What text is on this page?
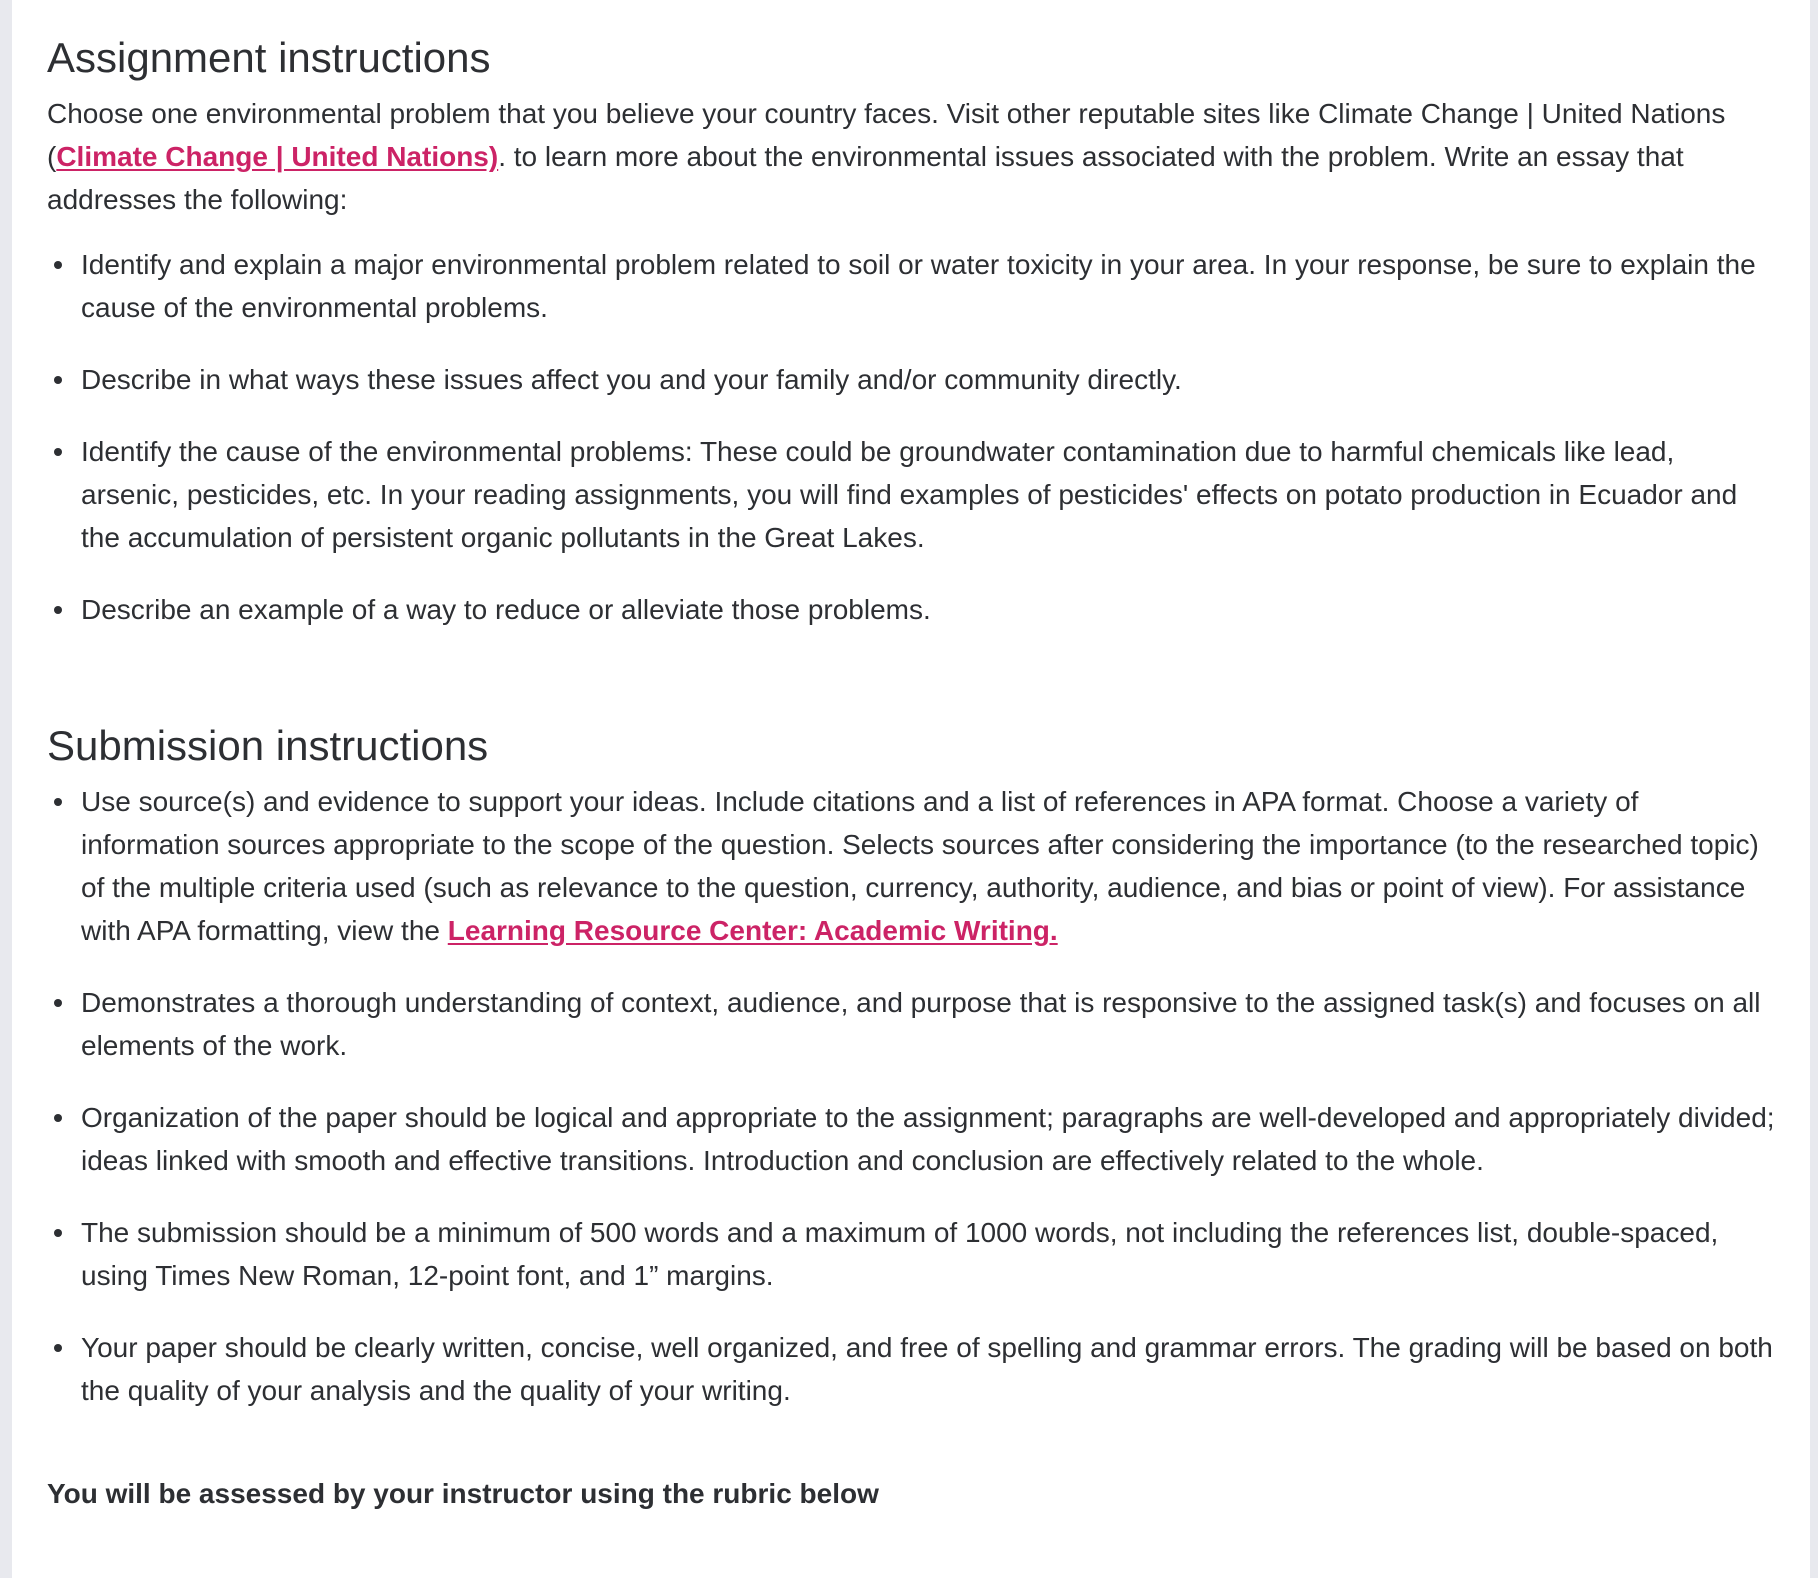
Assignment instructions

Choose one environmental problem that you believe your country faces. Visit other reputable sites like Climate Change | United Nations (Climate Change | United Nations). to learn more about the environmental issues associated with the problem. Write an essay that addresses the following:

Identify and explain a major environmental problem related to soil or water toxicity in your area. In your response, be sure to explain the cause of the environmental problems.
Describe in what ways these issues affect you and your family and/or community directly.
Identify the cause of the environmental problems: These could be groundwater contamination due to harmful chemicals like lead, arsenic, pesticides, etc. In your reading assignments, you will find examples of pesticides' effects on potato production in Ecuador and the accumulation of persistent organic pollutants in the Great Lakes.
Describe an example of a way to reduce or alleviate those problems.
Submission instructions
Use source(s) and evidence to support your ideas. Include citations and a list of references in APA format. Choose a variety of information sources appropriate to the scope of the question. Selects sources after considering the importance (to the researched topic) of the multiple criteria used (such as relevance to the question, currency, authority, audience, and bias or point of view). For assistance with APA formatting, view the Learning Resource Center: Academic Writing.
Demonstrates a thorough understanding of context, audience, and purpose that is responsive to the assigned task(s) and focuses on all elements of the work.
Organization of the paper should be logical and appropriate to the assignment; paragraphs are well-developed and appropriately divided; ideas linked with smooth and effective transitions. Introduction and conclusion are effectively related to the whole.
The submission should be a minimum of 500 words and a maximum of 1000 words, not including the references list, double-spaced, using Times New Roman, 12-point font, and 1” margins.
Your paper should be clearly written, concise, well organized, and free of spelling and grammar errors. The grading will be based on both the quality of your analysis and the quality of your writing.

You will be assessed by your instructor using the rubric below
